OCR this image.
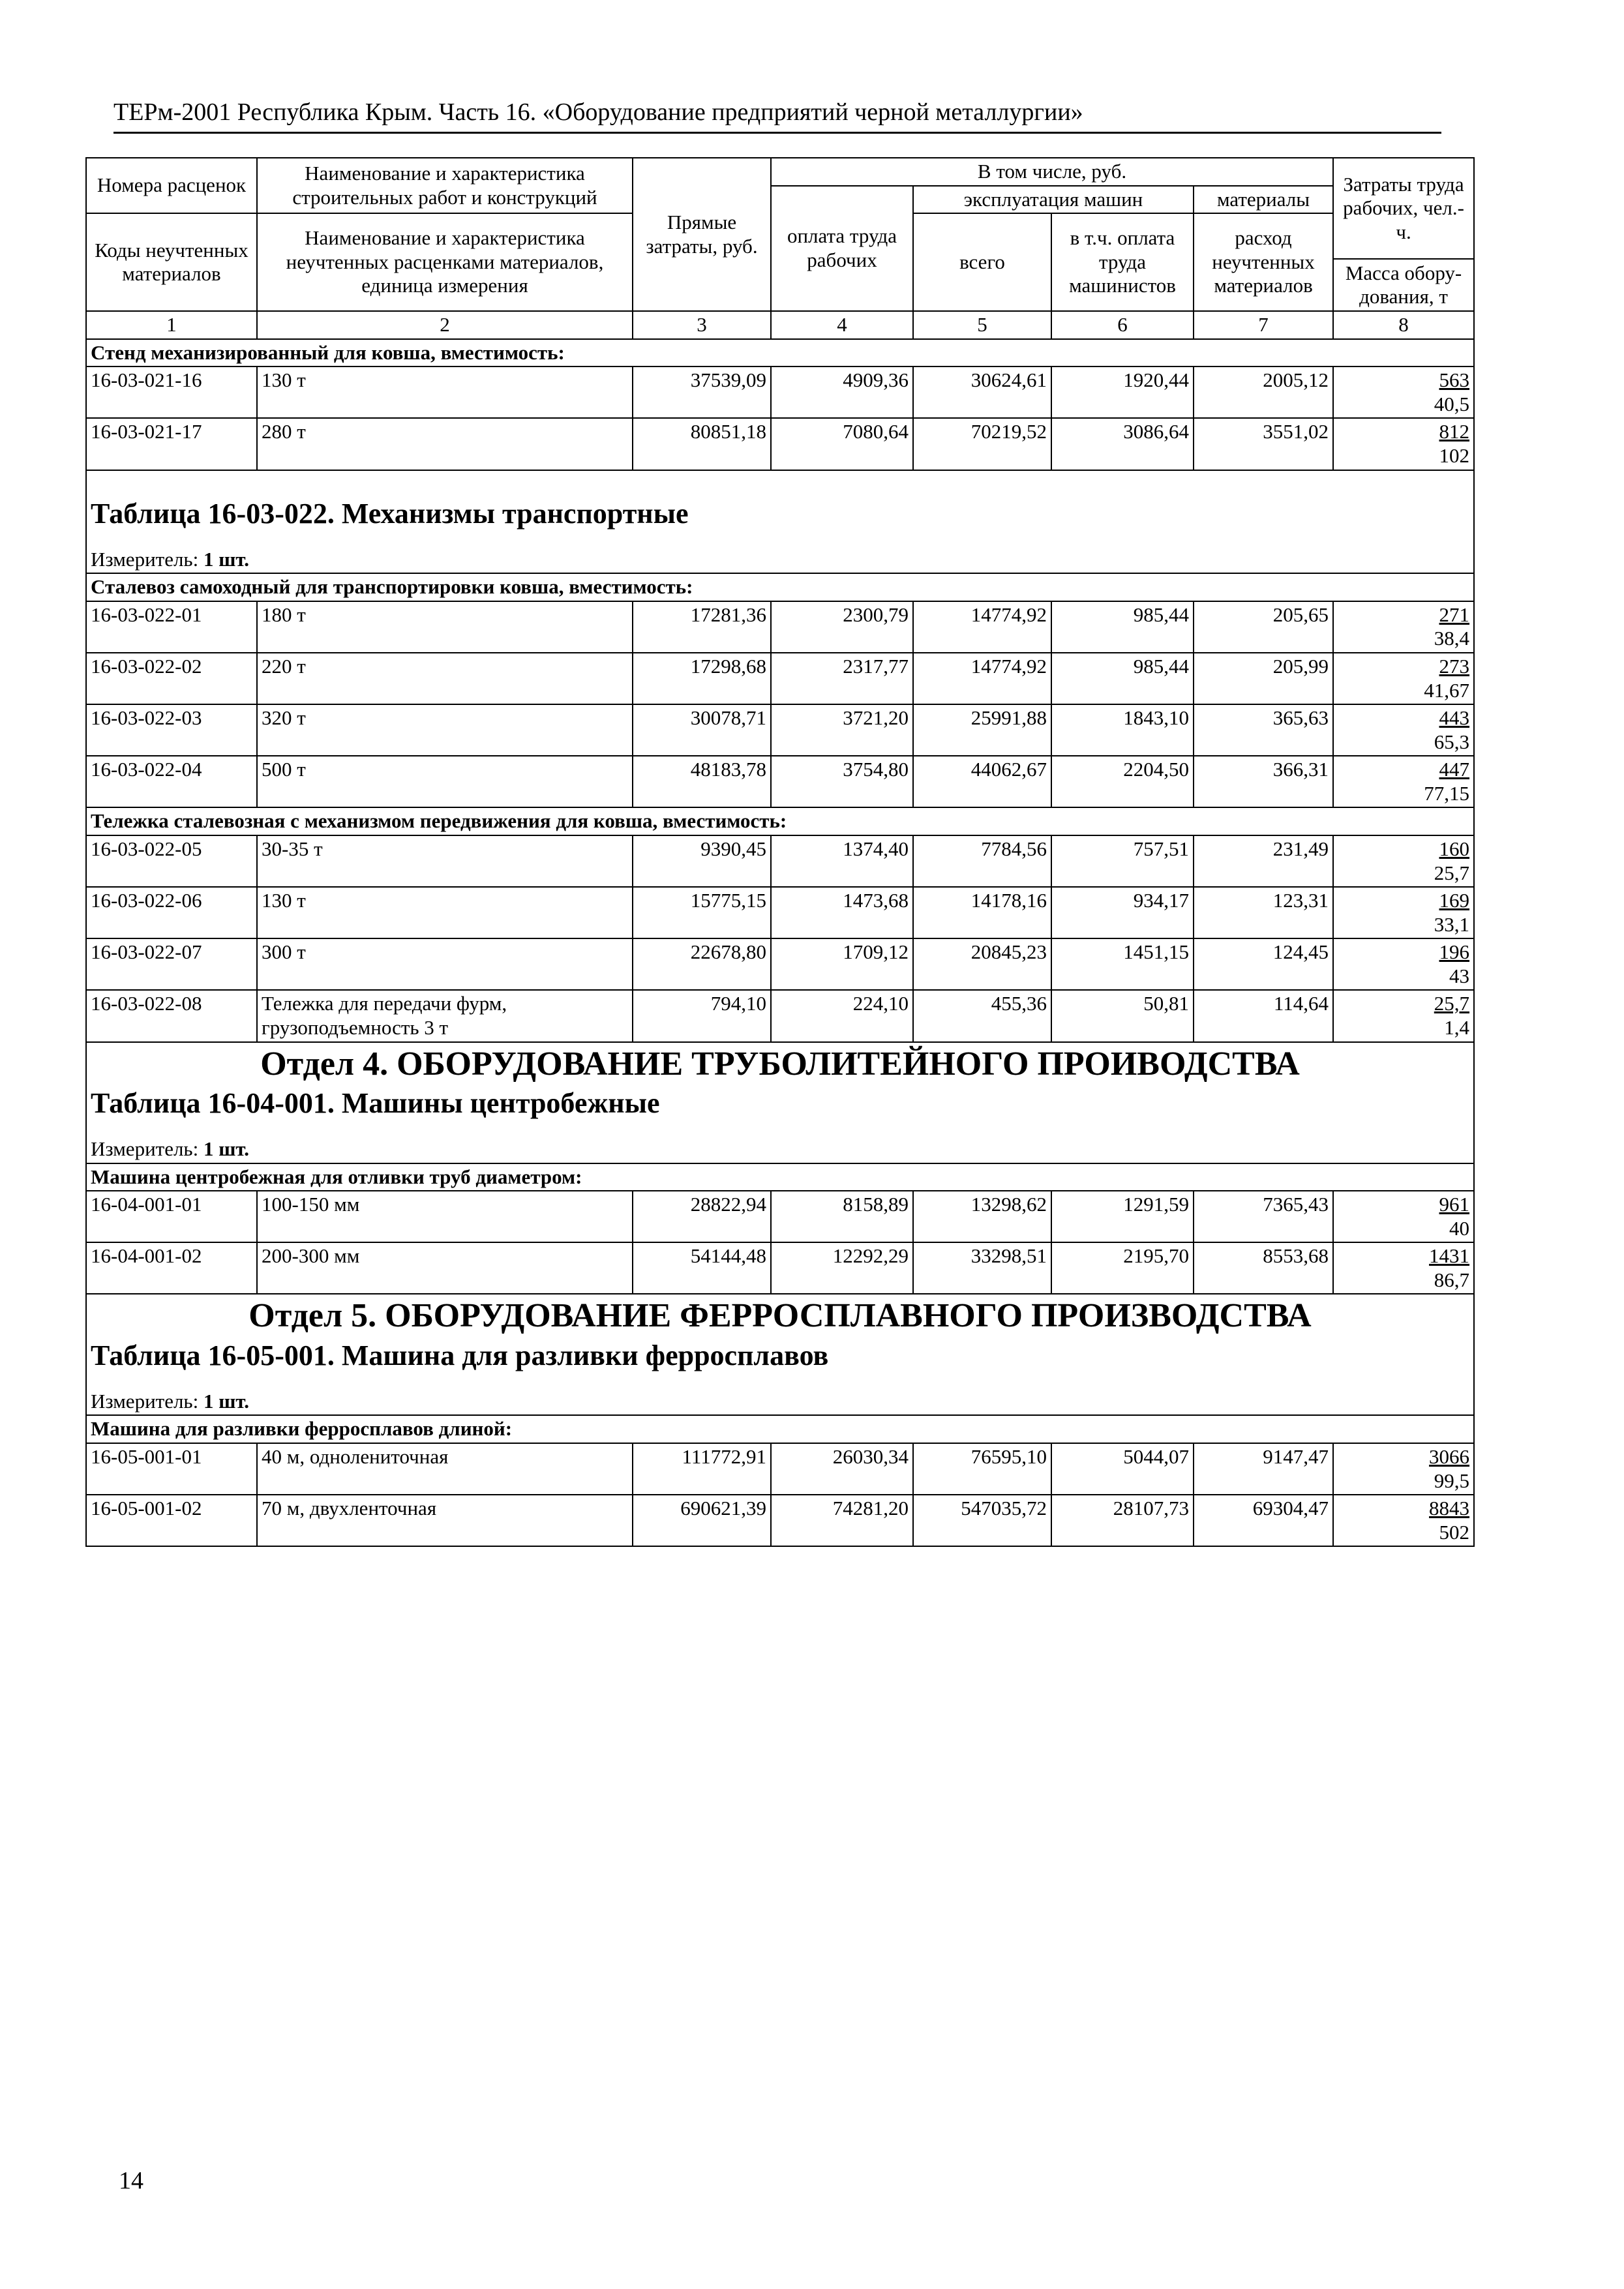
ТЕРм-2001 Республика Крым. Часть 16. «Оборудование предприятий черной металлургии»
Номера расценок	Наименование и характеристика строительных работ и конструкций	Прямые затраты, руб.	В том числе, руб.				Затраты труда рабочих, чел.-ч.
			оплата труда рабочих	эксплуатация машин		материалы	
Коды неучтенных материалов	Наименование и характеристика неучтенных расценками материалов, единица измерения			всего	в т.ч. оплата труда машинистов	расход неучтенных материалов	
							Масса обору-дования, т
1	2	3	4	5	6	7	8
Стенд механизированный для ковша, вместимость:							
16-03-021-16	130 т	37539,09	4909,36	30624,61	1920,44	2005,12	563
40,5
16-03-021-17	280 т	80851,18	7080,64	70219,52	3086,64	3551,02	812
102
Таблица 16-03-022. Механизмы транспортные							
Измеритель: 1 шт.							
Сталевоз самоходный для транспортировки ковша, вместимость:							
16-03-022-01	180 т	17281,36	2300,79	14774,92	985,44	205,65	271
38,4
16-03-022-02	220 т	17298,68	2317,77	14774,92	985,44	205,99	273
41,67
16-03-022-03	320 т	30078,71	3721,20	25991,88	1843,10	365,63	443
65,3
16-03-022-04	500 т	48183,78	3754,80	44062,67	2204,50	366,31	447
77,15
Тележка сталевозная с механизмом передвижения для ковша, вместимость:							
16-03-022-05	30-35 т	9390,45	1374,40	7784,56	757,51	231,49	160
25,7
16-03-022-06	130 т	15775,15	1473,68	14178,16	934,17	123,31	169
33,1
16-03-022-07	300 т	22678,80	1709,12	20845,23	1451,15	124,45	196
43
16-03-022-08	Тележка для передачи фурм,
грузоподъемность 3 т	794,10	224,10	455,36	50,81	114,64	25,7
1,4
Отдел 4. ОБОРУДОВАНИЕ ТРУБОЛИТЕЙНОГО ПРОИВОДСТВА							
Таблица 16-04-001. Машины центробежные							
Измеритель: 1 шт.							
Машина центробежная для отливки труб диаметром:							
16-04-001-01	100-150 мм	28822,94	8158,89	13298,62	1291,59	7365,43	961
40
16-04-001-02	200-300 мм	54144,48	12292,29	33298,51	2195,70	8553,68	1431
86,7
Отдел 5. ОБОРУДОВАНИЕ ФЕРРОСПЛАВНОГО ПРОИЗВОДСТВА							
Таблица 16-05-001. Машина для разливки ферросплавов							
Измеритель: 1 шт.							
Машина для разливки ферросплавов длиной:							
16-05-001-01	40 м, однолениточная	111772,91	26030,34	76595,10	5044,07	9147,47	3066
99,5
16-05-001-02	70 м, двухленточная	690621,39	74281,20	547035,72	28107,73	69304,47	8843
502
14
